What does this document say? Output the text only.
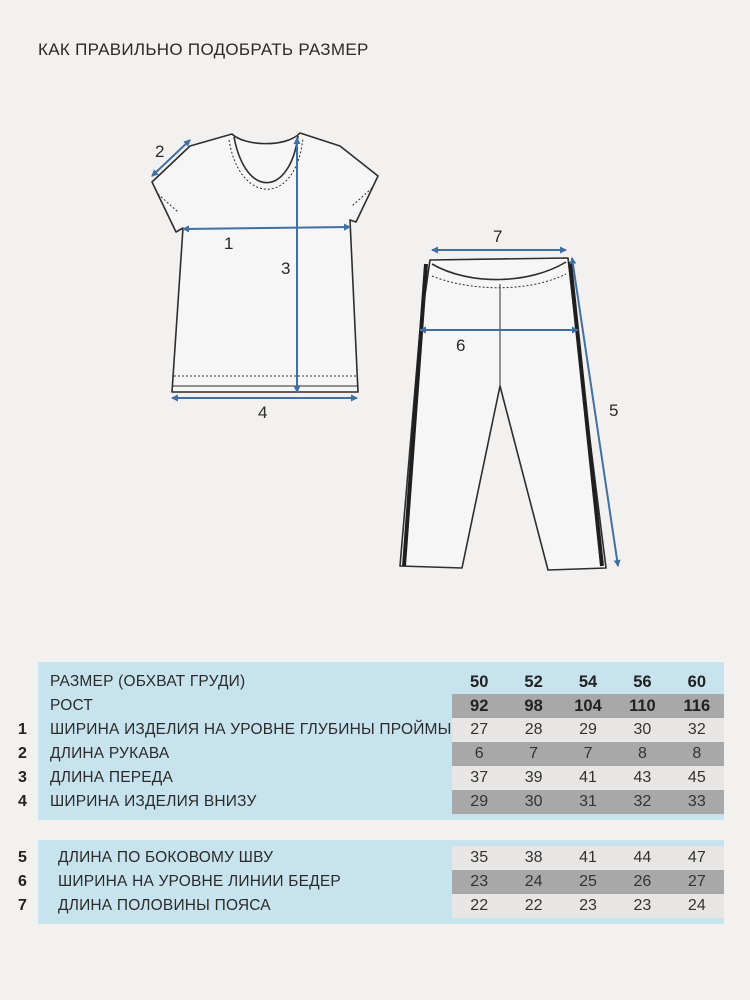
КАК ПРАВИЛЬНО ПОДОБРАТЬ РАЗМЕР
1
2
3
4	5
6
7
РАЗМЕР (ОБХВАТ ГРУДИ)	50	52	54	56	60
РОСТ	92	98	104	110	116
ШИРИНА ИЗДЕЛИЯ НА УРОВНЕ ГЛУБИНЫ ПРОЙМЫ	27	28	29	30	32
ДЛИНА РУКАВА	6	7	7	8	8
ДЛИНА ПЕРЕДА	37	39	41	43	45
ШИРИНА ИЗДЕЛИЯ ВНИЗУ	29	30	31	32	33
1
2
3
4
ДЛИНА ПО БОКОВОМУ ШВУ	35	38	41	44	47
ШИРИНА НА УРОВНЕ ЛИНИИ БЕДЕР	23	24	25	26	27
ДЛИНА ПОЛОВИНЫ ПОЯСА	22	22	23	23	24
5
6
7
